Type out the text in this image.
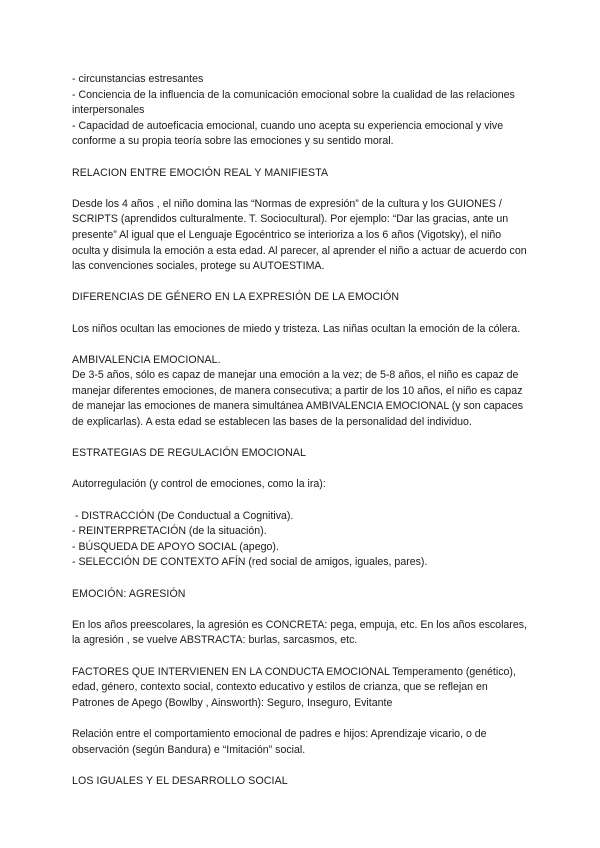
- circunstancias estresantes

- Conciencia de la influencia de la comunicación emocional sobre la cualidad de las relaciones interpersonales

- Capacidad de autoeficacia emocional, cuando uno acepta su experiencia emocional y vive conforme a su propia teoría sobre las emociones y su sentido moral.

RELACION ENTRE EMOCIÓN REAL Y MANIFIESTA

Desde los 4 años , el niño domina las “Normas de expresión” de la cultura y los GUIONES / SCRIPTS (aprendidos culturalmente. T. Sociocultural). Por ejemplo: “Dar las gracias, ante un presente” Al igual que el Lenguaje Egocéntrico se interioriza a los 6 años (Vigotsky), el niño oculta y disimula la emoción a esta edad. Al parecer, al aprender el niño a actuar de acuerdo con las convenciones sociales, protege su AUTOESTIMA.

DIFERENCIAS DE GÉNERO EN LA EXPRESIÓN DE LA EMOCIÓN

Los niños ocultan las emociones de miedo y tristeza. Las niñas ocultan la emoción de la cólera.

AMBIVALENCIA EMOCIONAL.

De 3-5 años, sólo es capaz de manejar una emoción a la vez; de 5-8 años, el niño es capaz de manejar diferentes emociones, de manera consecutiva; a partir de los 10 años, el niño es capaz de manejar las emociones de manera simultánea AMBIVALENCIA EMOCIONAL (y son capaces de explicarlas). A esta edad se establecen las bases de la personalidad del individuo.

ESTRATEGIAS DE REGULACIÓN EMOCIONAL

Autorregulación (y control de emociones, como la ira):

- DISTRACCIÓN (De Conductual a Cognitiva).

- REINTERPRETACIÓN (de la situación).

- BÚSQUEDA DE APOYO SOCIAL (apego).

- SELECCIÓN DE CONTEXTO AFÍN (red social de amigos, iguales, pares).

EMOCIÓN: AGRESIÓN

En los años preescolares, la agresión es CONCRETA: pega, empuja, etc. En los años escolares, la agresión , se vuelve ABSTRACTA: burlas, sarcasmos, etc.

FACTORES QUE INTERVIENEN EN LA CONDUCTA EMOCIONAL Temperamento (genético), edad, género, contexto social, contexto educativo y estilos de crianza, que se reflejan en Patrones de Apego (Bowlby , Ainsworth): Seguro, Inseguro, Evitante

Relación entre el comportamiento emocional de padres e hijos: Aprendizaje vicario, o de observación (según Bandura) e “Imitación” social.

LOS IGUALES Y EL DESARROLLO SOCIAL
